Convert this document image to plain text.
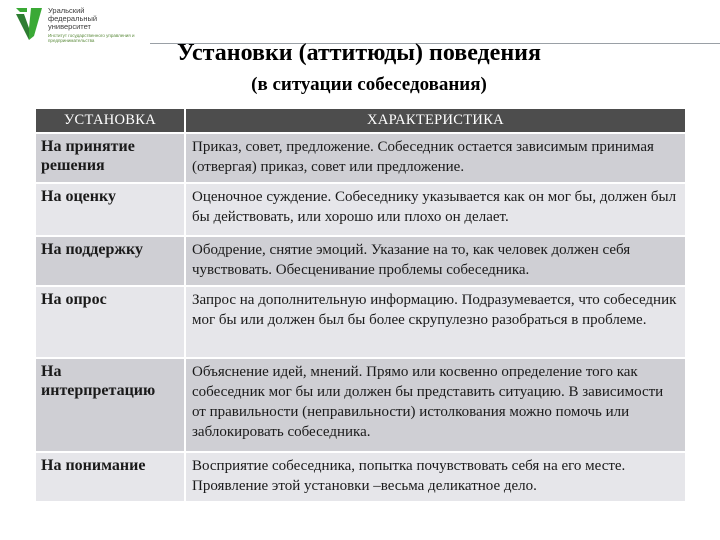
Уральский федеральный университет
Институт государственного управления и предпринимательства	Установки (аттитюды) поведения
(в ситуации собеседования)
УСТАНОВКА	ХАРАКТЕРИСТИКА
На принятие решения	Приказ, совет, предложение. Собеседник остается зависимым принимая (отвергая) приказ, совет или предложение.
На оценку	Оценочное суждение. Собеседнику указывается как он мог бы, должен был бы действовать, или хорошо или плохо он делает.
На поддержку	Ободрение, снятие эмоций. Указание на то, как человек должен себя чувствовать. Обесценивание проблемы собеседника.
На опрос	Запрос на дополнительную информацию. Подразумевается, что собеседник мог бы или должен был бы более скрупулезно разобраться в проблеме.
На интерпретацию	Объяснение идей, мнений. Прямо или косвенно определение того как собеседник мог бы или должен бы представить ситуацию. В зависимости от правильности (неправильности) истолкования можно помочь или заблокировать собеседника.
На понимание	Восприятие собеседника, попытка почувствовать себя на его месте. Проявление этой установки –весьма деликатное дело.
